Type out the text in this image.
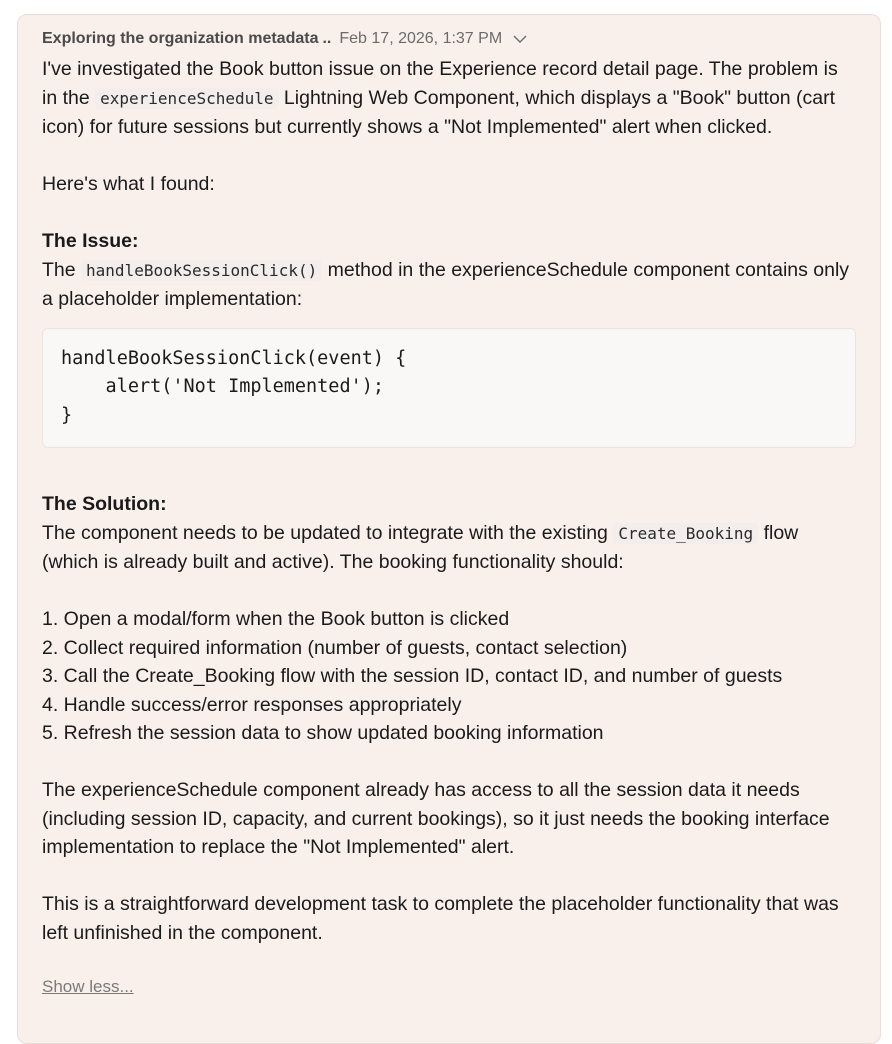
Exploring the organization metadata .. Feb 17, 2026, 1:37 PM

I've investigated the Book button issue on the Experience record detail page. The problem is in the experienceSchedule Lightning Web Component, which displays a "Book" button (cart icon) for future sessions but currently shows a "Not Implemented" alert when clicked.

Here's what I found:

The Issue:

The handleBookSessionClick() method in the experienceSchedule component contains only a placeholder implementation:

handleBookSessionClick(event) {
alert('Not Implemented');
}

The Solution:

The component needs to be updated to integrate with the existing Create_Booking flow (which is already built and active). The booking functionality should:

1. Open a modal/form when the Book button is clicked

2. Collect required information (number of guests, contact selection)

3. Call the Create_Booking flow with the session ID, contact ID, and number of guests

4. Handle success/error responses appropriately

5. Refresh the session data to show updated booking information

The experienceSchedule component already has access to all the session data it needs (including session ID, capacity, and current bookings), so it just needs the booking interface implementation to replace the "Not Implemented" alert.

This is a straightforward development task to complete the placeholder functionality that was left unfinished in the component.

Show less...
